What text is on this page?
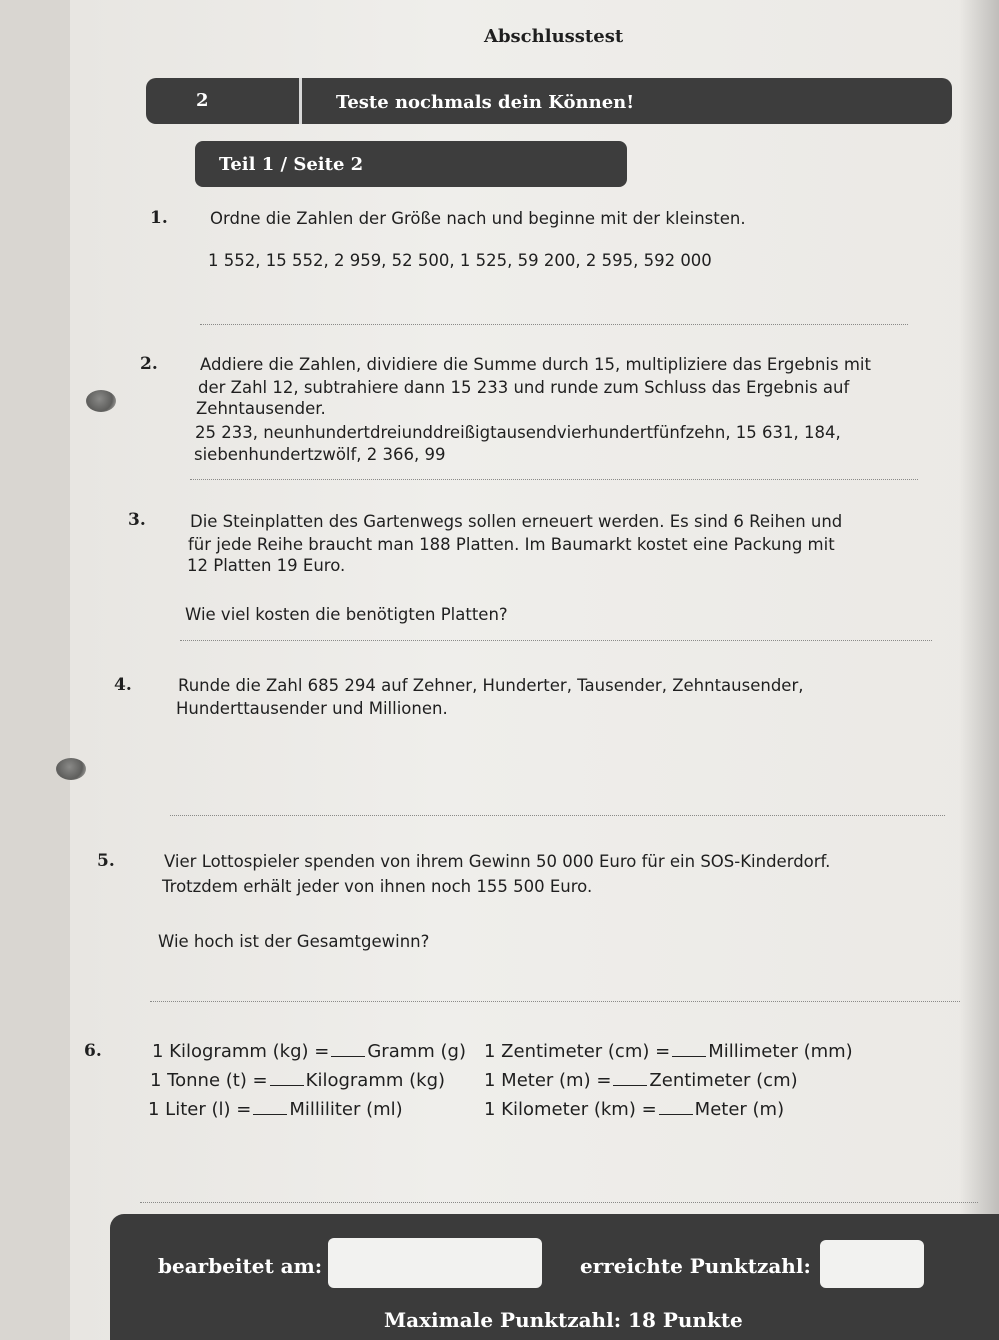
Abschlusstest
2	Teste nochmals dein Können!
Teil 1 / Seite 2
1.	Ordne die Zahlen der Größe nach und beginne mit der kleinsten.
1 552, 15 552, 2 959, 52 500, 1 525, 59 200, 2 595, 592 000
2.	Addiere die Zahlen, dividiere die Summe durch 15, multipliziere das Ergebnis mit
der Zahl 12, subtrahiere dann 15 233 und runde zum Schluss das Ergebnis auf
Zehntausender.
25 233, neunhundertdreiunddreißigtausendvierhundertfünfzehn, 15 631, 184,
siebenhundertzwölf, 2 366, 99
3.	Die Steinplatten des Gartenwegs sollen erneuert werden. Es sind 6 Reihen und
für jede Reihe braucht man 188 Platten. Im Baumarkt kostet eine Packung mit
12 Platten 19 Euro.
Wie viel kosten die benötigten Platten?
4.	Runde die Zahl 685 294 auf Zehner, Hunderter, Tausender, Zehntausender,
Hunderttausender und Millionen.
5.	Vier Lottospieler spenden von ihrem Gewinn 50 000 Euro für ein SOS-Kinderdorf.
Trotzdem erhält jeder von ihnen noch 155 500 Euro.
Wie hoch ist der Gesamtgewinn?
6.	1 Kilogramm (kg) = Gramm (g)
1 Tonne (t) = Kilogramm (kg)
1 Liter (l) = Milliliter (ml)
1 Zentimeter (cm) = Millimeter (mm)
1 Meter (m) = Zentimeter (cm)
1 Kilometer (km) = Meter (m)
bearbeitet am:	erreichte Punktzahl:
Maximale Punktzahl: 18 Punkte
